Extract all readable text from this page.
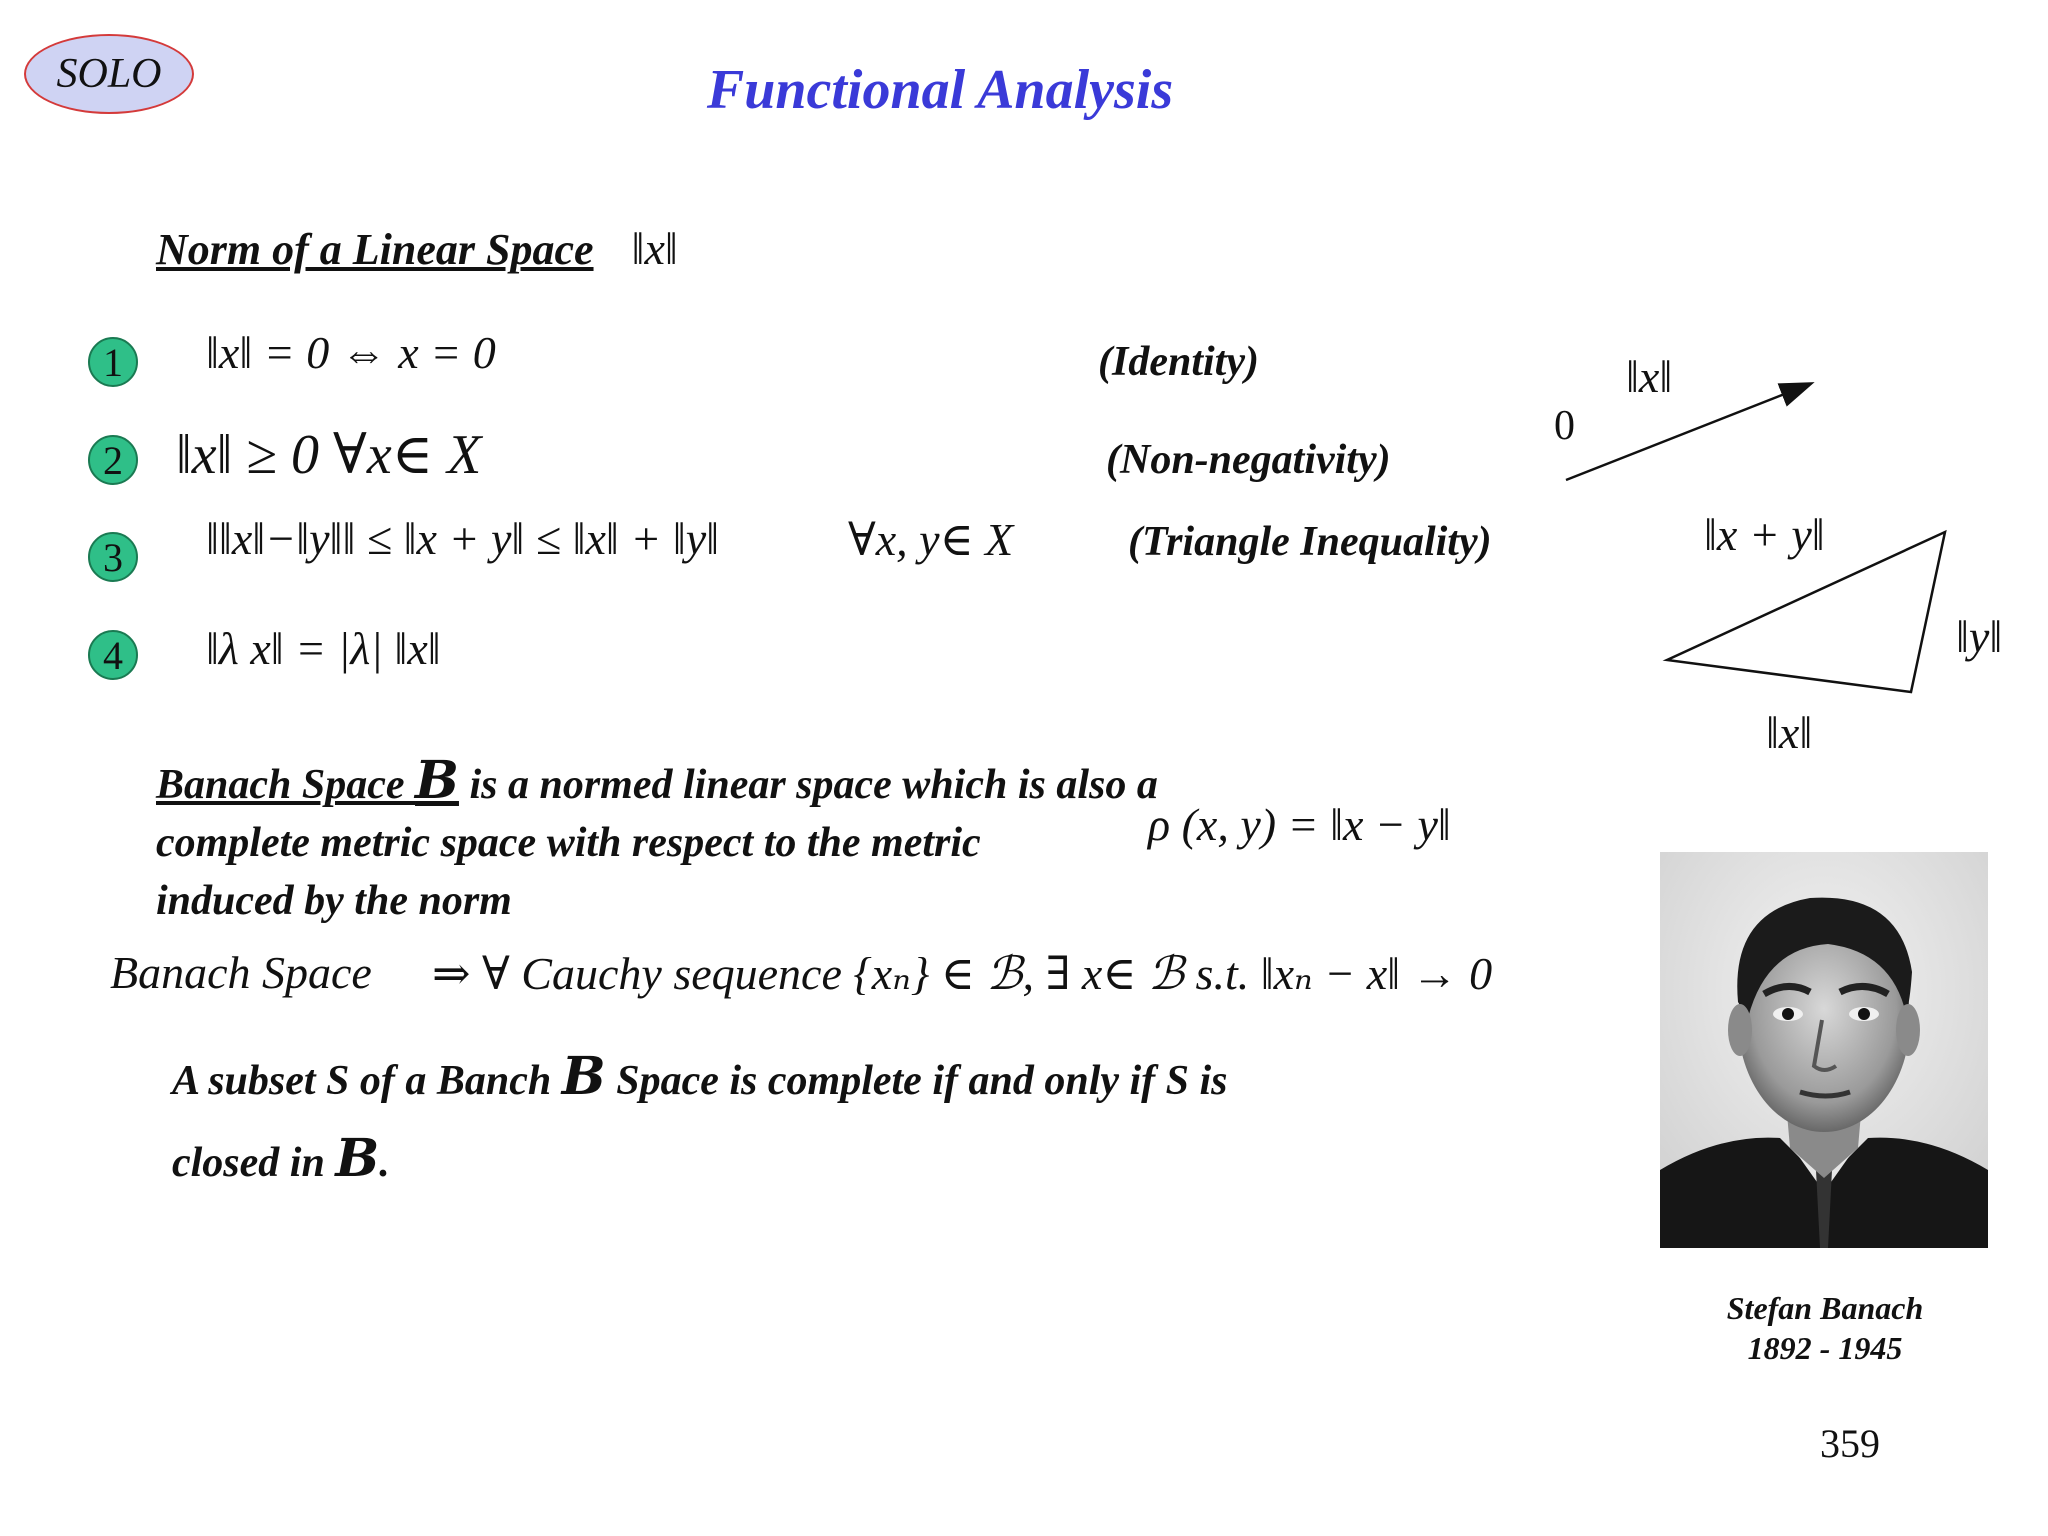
SOLO	Functional Analysis
Norm of a Linear Space ‖x‖
1	‖x‖ = 0 ⇔ x = 0	(Identity)
2 ‖x‖ ≥ 0 ∀x∈ X	(Non-negativity)
3	‖‖x‖−‖y‖‖ ≤ ‖x + y‖ ≤ ‖x‖ + ‖y‖	∀x, y∈ X	(Triangle Inequality)
4	‖λ x‖ = |λ| ‖x‖
0
‖x‖
‖x + y‖
‖y‖
‖x‖
Banach Space B is a normed linear space which is also a
complete metric space with respect to the metric
induced by the norm
ρ (x, y) = ‖x − y‖
Banach Space ⇒ ∀ Cauchy sequence {xₙ} ∈ ℬ, ∃ x∈ ℬ s.t. ‖xₙ − x‖ → 0
A subset S of a Banch B Space is complete if and only if S is
closed in B.
Stefan Banach
1892 - 1945
359
